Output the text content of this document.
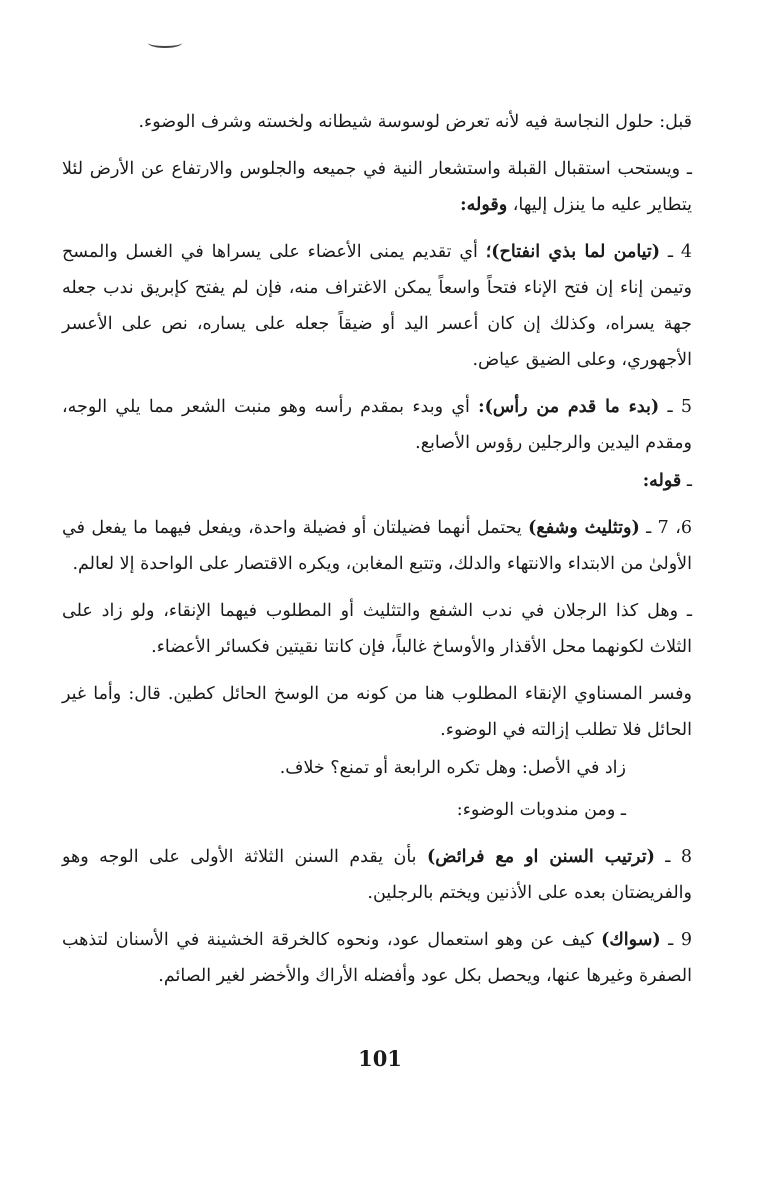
قبل: حلول النجاسة فيه لأنه تعرض لوسوسة شيطانه ولخسته وشرف الوضوء.

ـ ويستحب استقبال القبلة واستشعار النية في جميعه والجلوس والارتفاع عن الأرض لئلا يتطاير عليه ما ينزل إليها، وقوله:

4 ـ (تيامن لما بذي انفتاح)؛ أي تقديم يمنى الأعضاء على يسراها في الغسل والمسح وتيمن إناء إن فتح الإناء فتحاً واسعاً يمكن الاغتراف منه، فإن لم يفتح كإبريق ندب جعله جهة يسراه، وكذلك إن كان أعسر اليد أو ضيقاً جعله على يساره، نص على الأعسر الأجهوري، وعلى الضيق عياض.

5 ـ (بدء ما قدم من رأس): أي وبدء بمقدم رأسه وهو منبت الشعر مما يلي الوجه، ومقدم اليدين والرجلين رؤوس الأصابع.

ـ قوله:

6، 7 ـ (وتثليث وشفع) يحتمل أنهما فضيلتان أو فضيلة واحدة، ويفعل فيهما ما يفعل في الأولىٰ من الابتداء والانتهاء والدلك، وتتبع المغابن، ويكره الاقتصار على الواحدة إلا لعالم.

ـ وهل كذا الرجلان في ندب الشفع والتثليث أو المطلوب فيهما الإنقاء، ولو زاد على الثلاث لكونهما محل الأقذار والأوساخ غالباً، فإن كانتا نقيتين فكسائر الأعضاء.

وفسر المسناوي الإنقاء المطلوب هنا من كونه من الوسخ الحائل كطين. قال: وأما غير الحائل فلا تطلب إزالته في الوضوء.

زاد في الأصل: وهل تكره الرابعة أو تمنع؟ خلاف.

ـ ومن مندوبات الوضوء:

8 ـ (ترتيب السنن او مع فرائض) بأن يقدم السنن الثلاثة الأولى على الوجه وهو والفريضتان بعده على الأذنين ويختم بالرجلين.

9 ـ (سواك) كيف عن وهو استعمال عود، ونحوه كالخرقة الخشينة في الأسنان لتذهب الصفرة وغيرها عنها، ويحصل بكل عود وأفضله الأراك والأخضر لغير الصائم.

101
